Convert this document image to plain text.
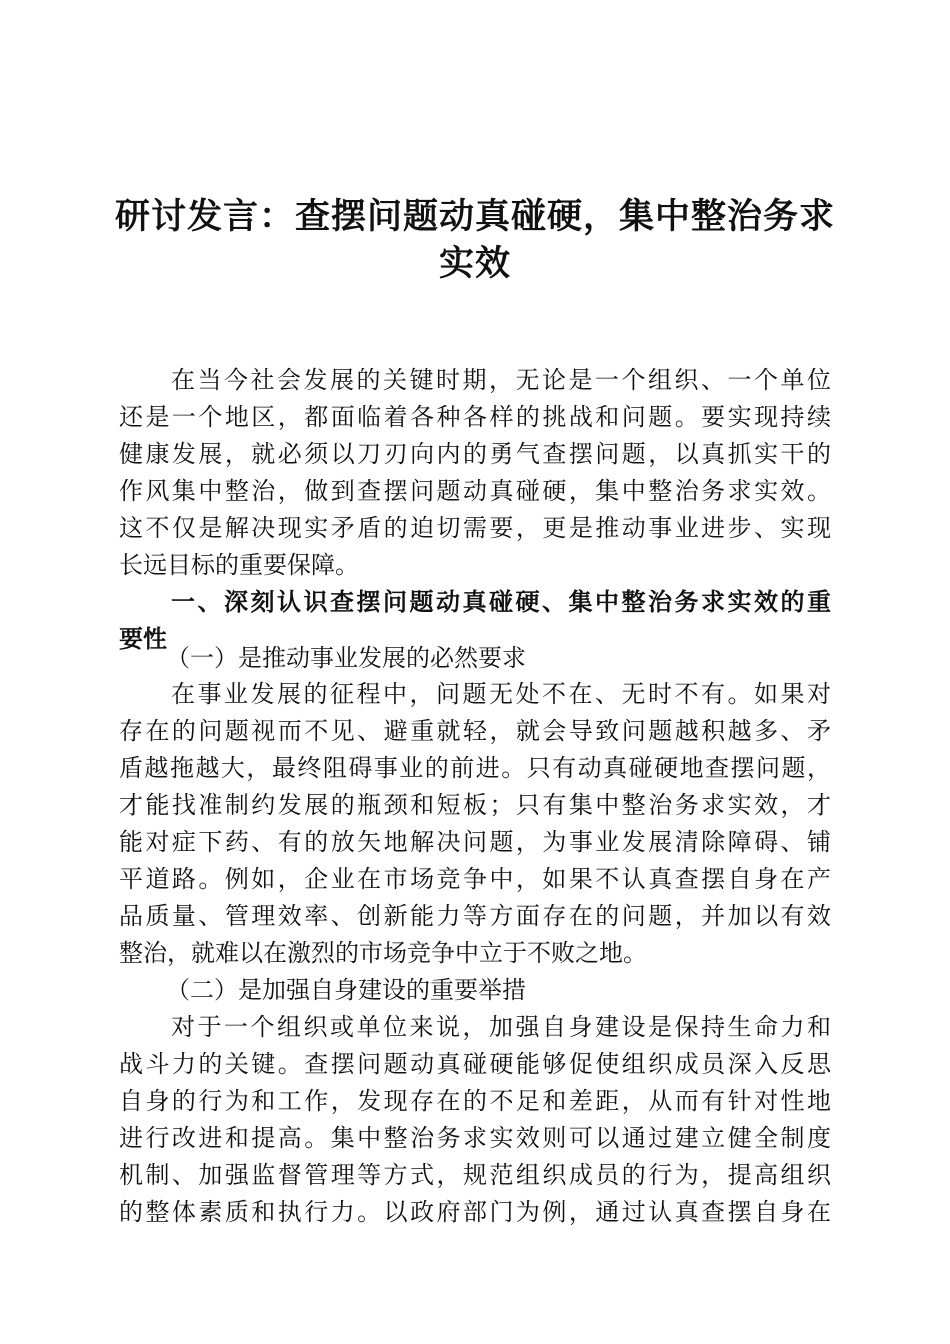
研讨发言：查摆问题动真碰硬，集中整治务求
实效
在当今社会发展的关键时期，无论是一个组织、一个单位
还是一个地区，都面临着各种各样的挑战和问题。要实现持续
健康发展，就必须以刀刃向内的勇气查摆问题，以真抓实干的
作风集中整治，做到查摆问题动真碰硬，集中整治务求实效。
这不仅是解决现实矛盾的迫切需要，更是推动事业进步、实现
长远目标的重要保障。
一、深刻认识查摆问题动真碰硬、集中整治务求实效的重
要性
（一）是推动事业发展的必然要求
在事业发展的征程中，问题无处不在、无时不有。如果对
存在的问题视而不见、避重就轻，就会导致问题越积越多、矛
盾越拖越大，最终阻碍事业的前进。只有动真碰硬地查摆问题，
才能找准制约发展的瓶颈和短板；只有集中整治务求实效，才
能对症下药、有的放矢地解决问题，为事业发展清除障碍、铺
平道路。例如，企业在市场竞争中，如果不认真查摆自身在产
品质量、管理效率、创新能力等方面存在的问题，并加以有效
整治，就难以在激烈的市场竞争中立于不败之地。
（二）是加强自身建设的重要举措
对于一个组织或单位来说，加强自身建设是保持生命力和
战斗力的关键。查摆问题动真碰硬能够促使组织成员深入反思
自身的行为和工作，发现存在的不足和差距，从而有针对性地
进行改进和提高。集中整治务求实效则可以通过建立健全制度
机制、加强监督管理等方式，规范组织成员的行为，提高组织
的整体素质和执行力。以政府部门为例，通过认真查摆自身在
